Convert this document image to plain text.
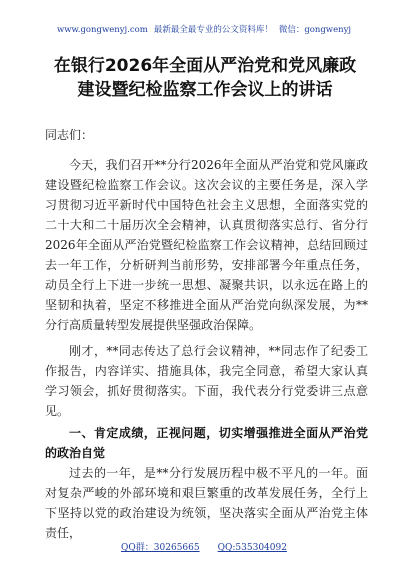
www.gongwenyj.com 最新最全最专业的公文资料库！ 微信：gongwenyj
在银行2026年全面从严治党和党风廉政
建设暨纪检监察工作会议上的讲话

同志们：

今天，我们召开**分行2026年全面从严治党和党风廉政建设暨纪检监察工作会议。这次会议的主要任务是，深入学习贯彻习近平新时代中国特色社会主义思想，全面落实党的二十大和二十届历次全会精神，认真贯彻落实总行、省分行2026年全面从严治党暨纪检监察工作会议精神，总结回顾过去一年工作，分析研判当前形势，安排部署今年重点任务，动员全行上下进一步统一思想、凝聚共识，以永远在路上的坚韧和执着，坚定不移推进全面从严治党向纵深发展，为**分行高质量转型发展提供坚强政治保障。

刚才，**同志传达了总行会议精神，**同志作了纪委工作报告，内容详实、措施具体，我完全同意，希望大家认真学习领会，抓好贯彻落实。下面，我代表分行党委讲三点意见。

一、肯定成绩，正视问题，切实增强推进全面从严治党的政治自觉

过去的一年，是**分行发展历程中极不平凡的一年。面对复杂严峻的外部环境和艰巨繁重的改革发展任务，全行上下坚持以党的政治建设为统领，坚决落实全面从严治党主体责任，

QQ群：30265665 QQ:535304092
